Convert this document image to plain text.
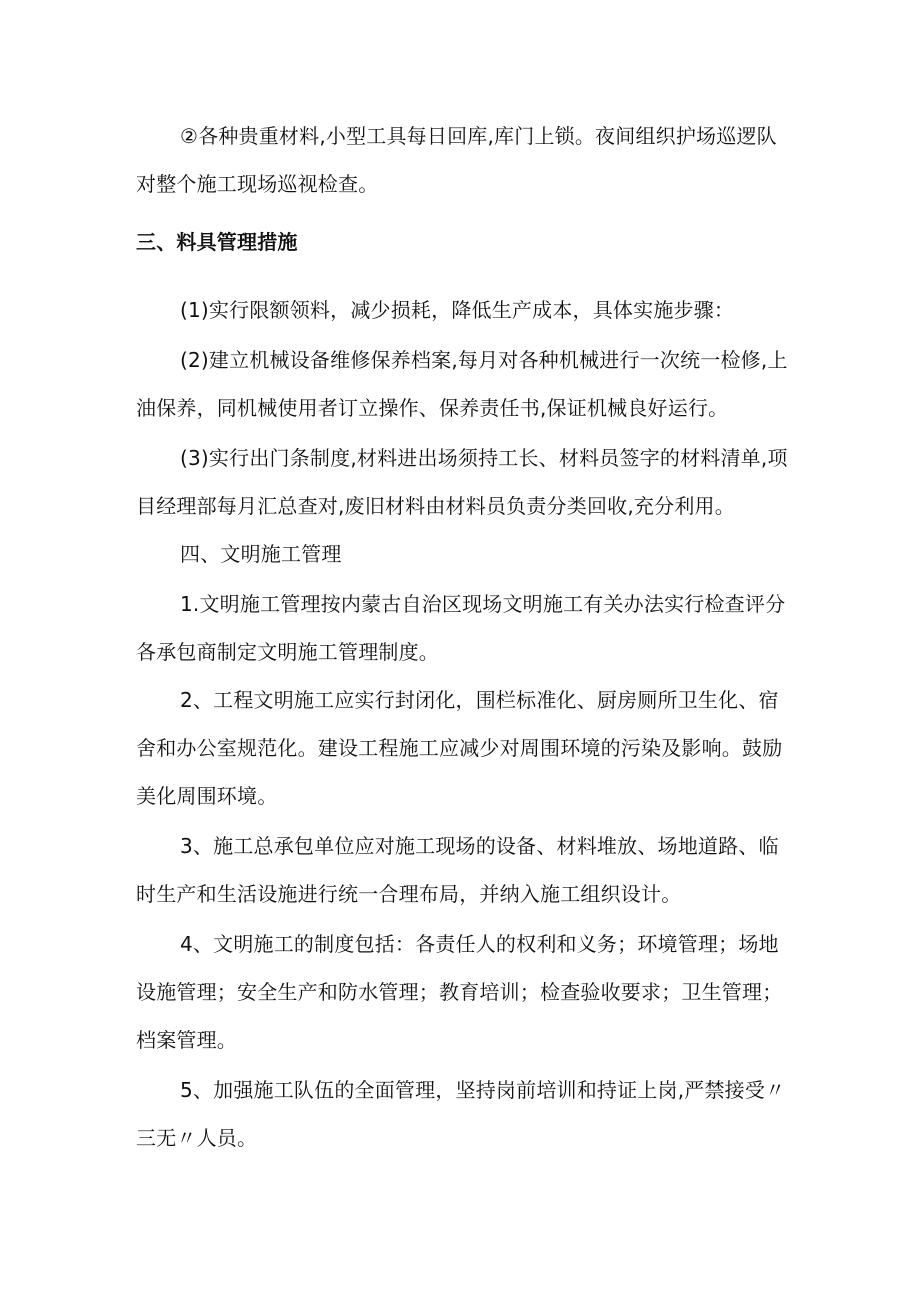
②各种贵重材料,小型工具每日回库,库门上锁。夜间组织护场巡逻队对整个施工现场巡视检查。

三、料具管理措施

(1)实行限额领料，减少损耗，降低生产成本，具体实施步骤：

(2)建立机械设备维修保养档案,每月对各种机械进行一次统一检修,上油保养，同机械使用者订立操作、保养责任书,保证机械良好运行。

(3)实行出门条制度,材料进出场须持工长、材料员签字的材料清单,项目经理部每月汇总查对,废旧材料由材料员负责分类回收,充分利用。

四、文明施工管理

1.文明施工管理按内蒙古自治区现场文明施工有关办法实行检查评分各承包商制定文明施工管理制度。

2、工程文明施工应实行封闭化，围栏标准化、厨房厕所卫生化、宿舍和办公室规范化。建设工程施工应减少对周围环境的污染及影响。鼓励美化周围环境。

3、施工总承包单位应对施工现场的设备、材料堆放、场地道路、临时生产和生活设施进行统一合理布局，并纳入施工组织设计。

4、文明施工的制度包括：各责任人的权利和义务；环境管理；场地设施管理；安全生产和防水管理；教育培训；检查验收要求；卫生管理；档案管理。

5、加强施工队伍的全面管理，坚持岗前培训和持证上岗,严禁接受〃三无〃人员。
